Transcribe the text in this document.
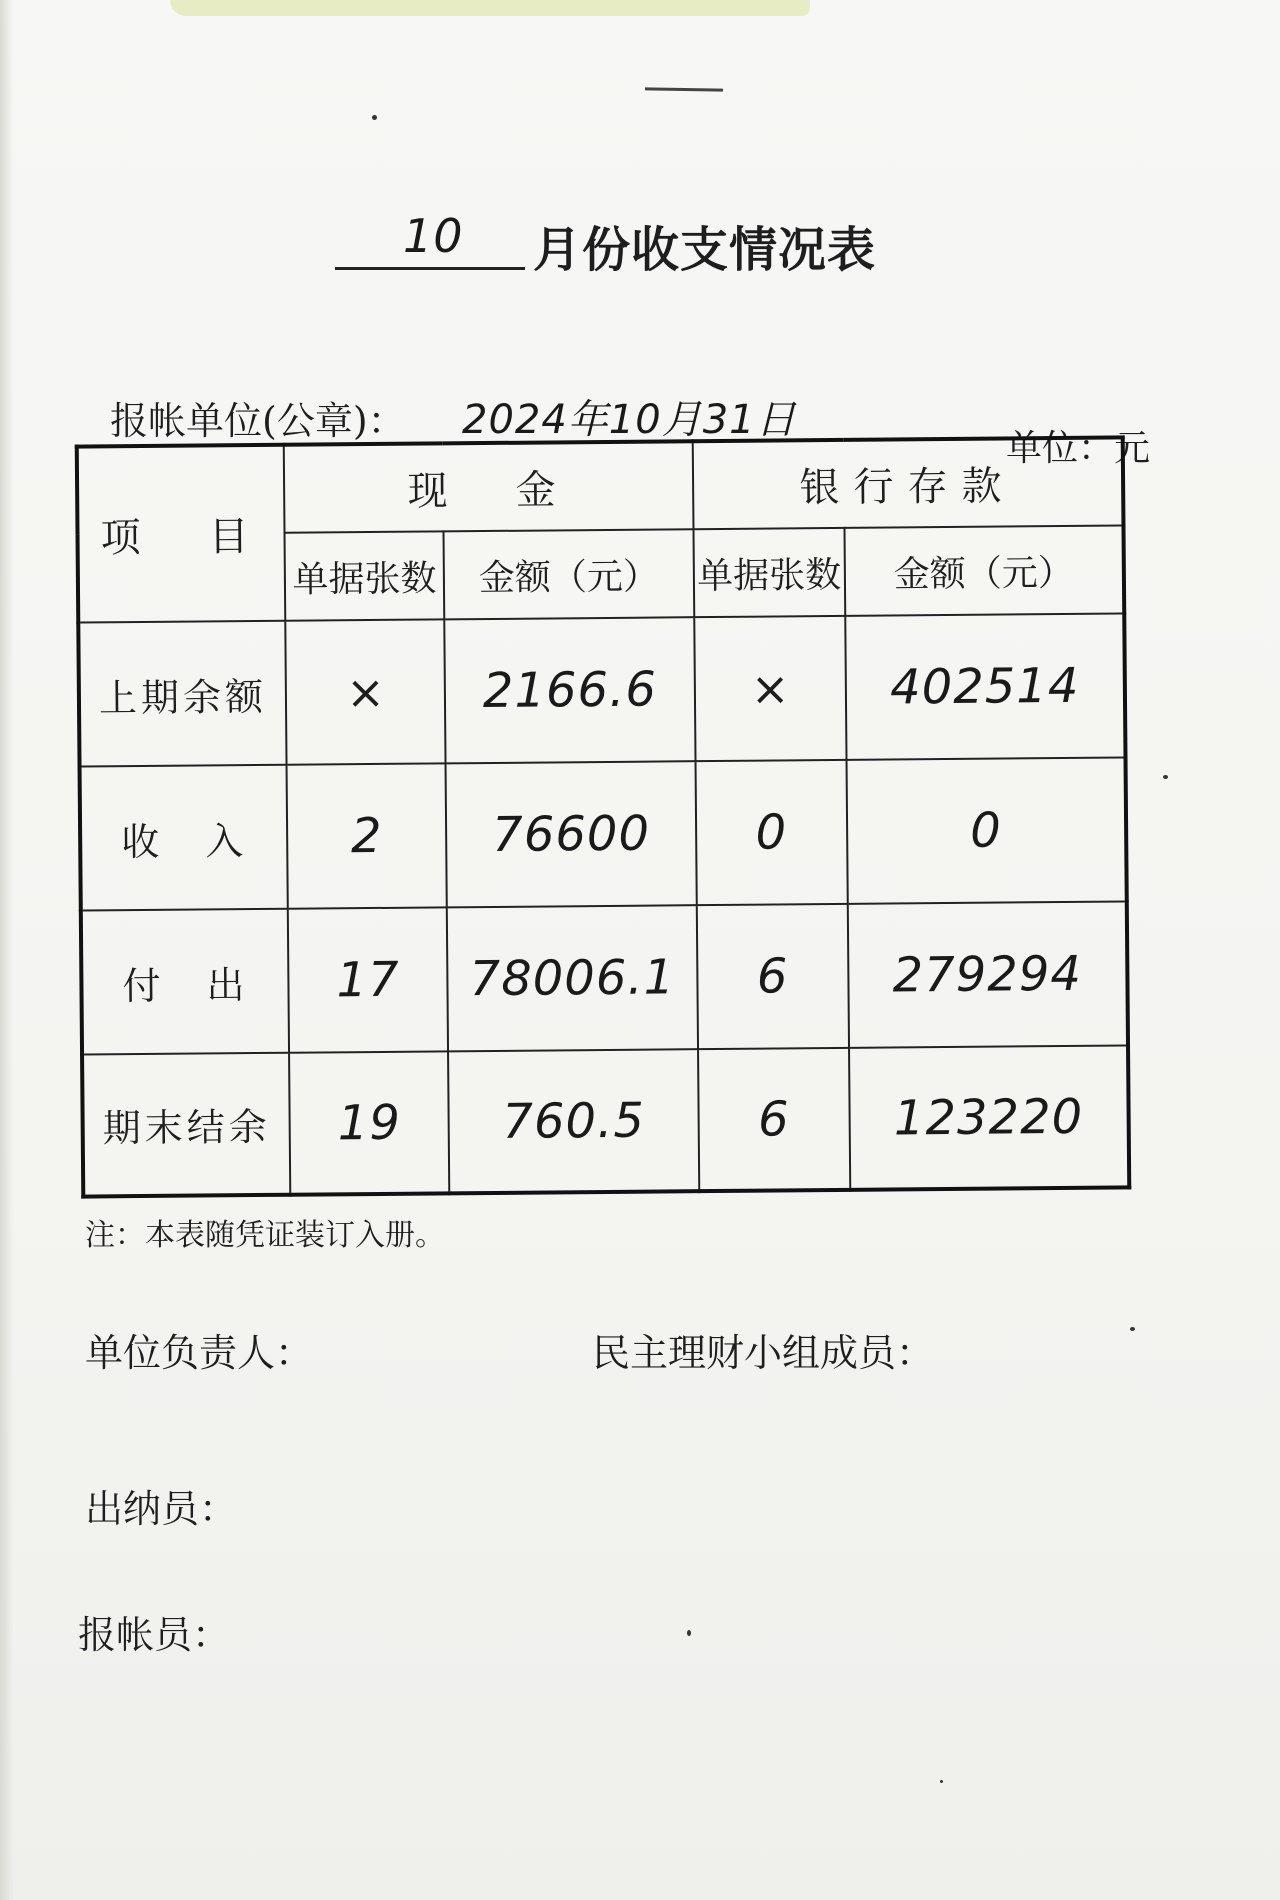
10 月份收支情况表
报帐单位(公章)： 2024年10月31日
单位：元
项　目	现　金		银行存款	
	单据张数	金额（元）	单据张数	金额（元）
上期余额	×	2166.6	×	402514
收　入	2	76600	0	0
付　出	17	78006.1	6	279294
期末结余	19	760.5	6	123220
注：本表随凭证装订入册。
单位负责人：	民主理财小组成员：
出纳员：
报帐员：
